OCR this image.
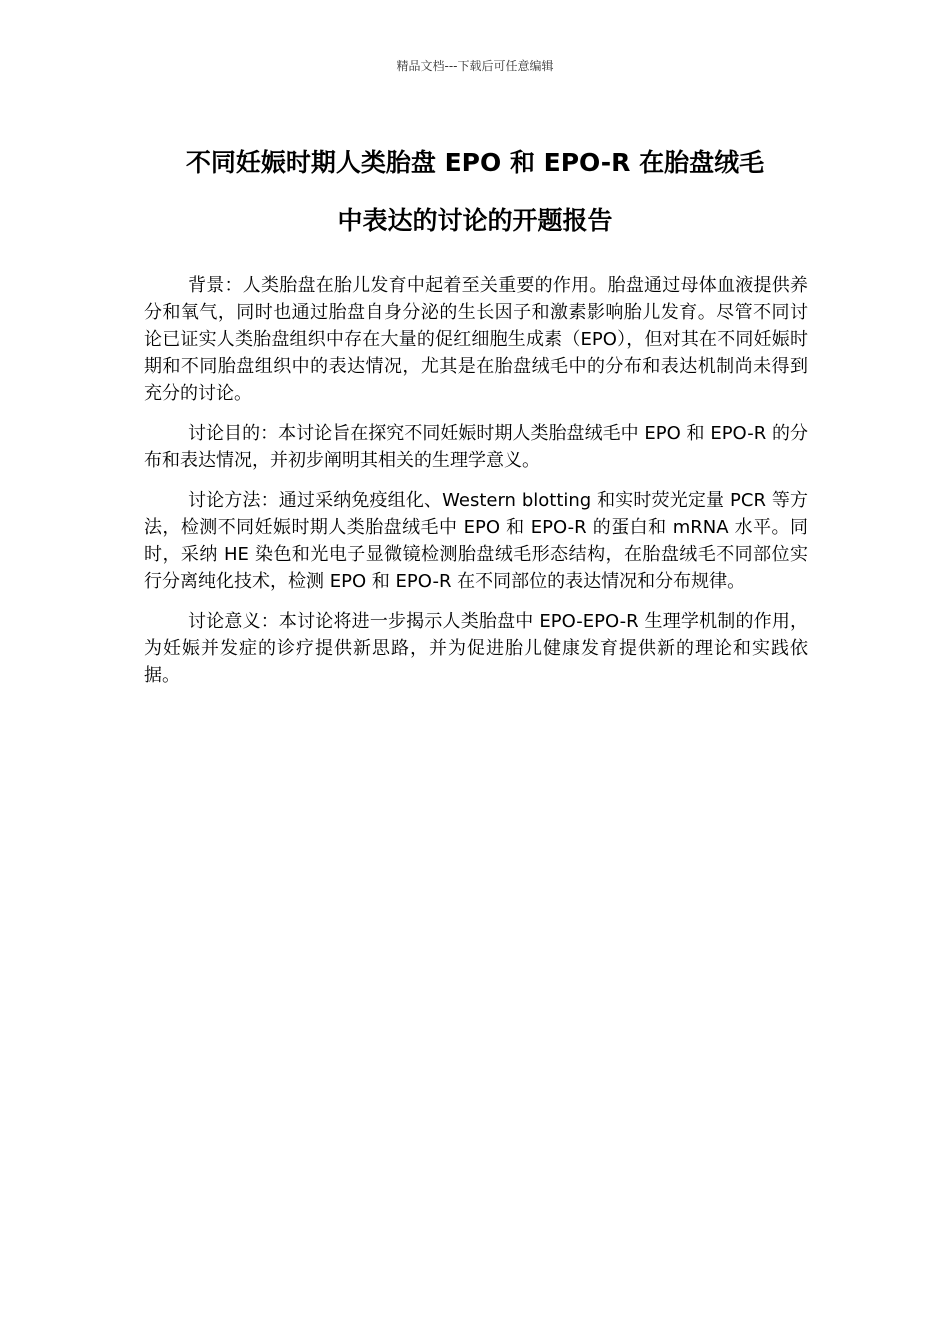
精品文档---下载后可任意编辑
不同妊娠时期人类胎盘 EPO 和 EPO-R 在胎盘绒毛
中表达的讨论的开题报告

背景：人类胎盘在胎儿发育中起着至关重要的作用。胎盘通过母体血液提供养分和氧气，同时也通过胎盘自身分泌的生长因子和激素影响胎儿发育。尽管不同讨论已证实人类胎盘组织中存在大量的促红细胞生成素（EPO），但对其在不同妊娠时期和不同胎盘组织中的表达情况，尤其是在胎盘绒毛中的分布和表达机制尚未得到充分的讨论。

讨论目的：本讨论旨在探究不同妊娠时期人类胎盘绒毛中 EPO 和 EPO-R 的分布和表达情况，并初步阐明其相关的生理学意义。

讨论方法：通过采纳免疫组化、Western blotting 和实时荧光定量 PCR 等方法，检测不同妊娠时期人类胎盘绒毛中 EPO 和 EPO-R 的蛋白和 mRNA 水平。同时，采纳 HE 染色和光电子显微镜检测胎盘绒毛形态结构，在胎盘绒毛不同部位实行分离纯化技术，检测 EPO 和 EPO-R 在不同部位的表达情况和分布规律。

讨论意义：本讨论将进一步揭示人类胎盘中 EPO-EPO-R 生理学机制的作用，为妊娠并发症的诊疗提供新思路，并为促进胎儿健康发育提供新的理论和实践依据。
